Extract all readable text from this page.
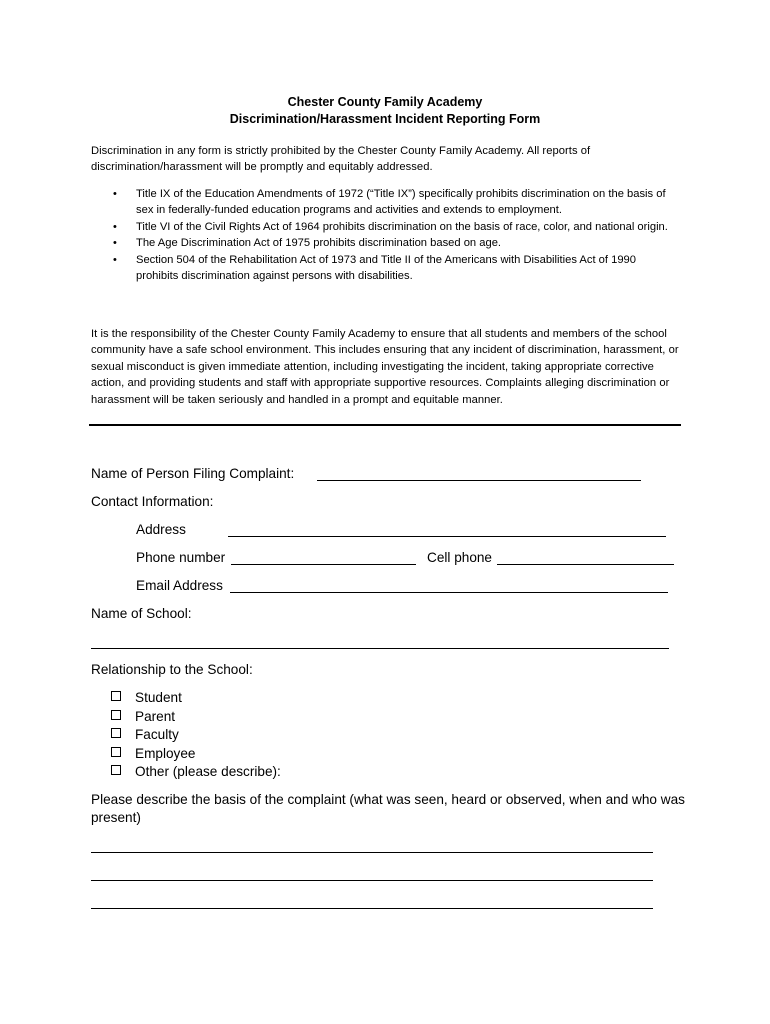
Chester County Family Academy
Discrimination/Harassment Incident Reporting Form
Discrimination in any form is strictly prohibited by the Chester County Family Academy. All reports of discrimination/harassment will be promptly and equitably addressed.
• Title IX of the Education Amendments of 1972 (“Title IX”) specifically prohibits discrimination on the basis of sex in federally-funded education programs and activities and extends to employment.
• Title VI of the Civil Rights Act of 1964 prohibits discrimination on the basis of race, color, and national origin.
• The Age Discrimination Act of 1975 prohibits discrimination based on age.
• Section 504 of the Rehabilitation Act of 1973 and Title II of the Americans with Disabilities Act of 1990 prohibits discrimination against persons with disabilities.
It is the responsibility of the Chester County Family Academy to ensure that all students and members of the school community have a safe school environment. This includes ensuring that any incident of discrimination, harassment, or sexual misconduct is given immediate attention, including investigating the incident, taking appropriate corrective action, and providing students and staff with appropriate supportive resources. Complaints alleging discrimination or harassment will be taken seriously and handled in a prompt and equitable manner.
Name of Person Filing Complaint:
Contact Information:
Address
Phone number	Cell phone
Email Address
Name of School:
Relationship to the School:
Student
Parent
Faculty
Employee
Other (please describe):
Please describe the basis of the complaint (what was seen, heard or observed, when and who was present)
